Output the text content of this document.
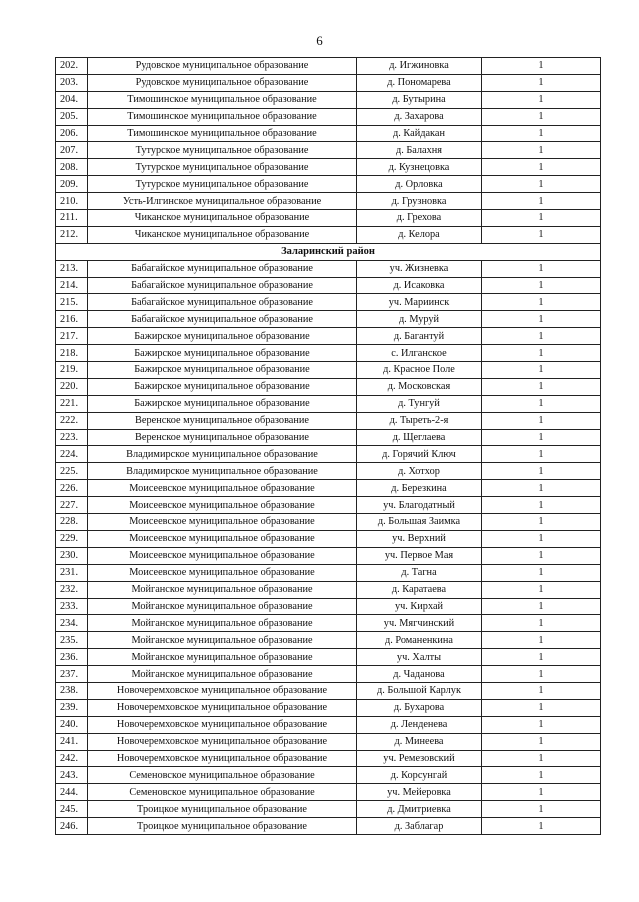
6
202.	Рудовское муниципальное образование	д. Игжиновка	1
203.	Рудовское муниципальное образование	д. Пономарева	1
204.	Тимошинское муниципальное образование	д. Бутырина	1
205.	Тимошинское муниципальное образование	д. Захарова	1
206.	Тимошинское муниципальное образование	д. Кайдакан	1
207.	Тутурское муниципальное образование	д. Балахня	1
208.	Тутурское муниципальное образование	д. Кузнецовка	1
209.	Тутурское муниципальное образование	д. Орловка	1
210.	Усть-Илгинское муниципальное образование	д. Грузновка	1
211.	Чиканское муниципальное образование	д. Грехова	1
212.	Чиканское муниципальное образование	д. Келора	1
Заларинский район			
213.	Бабагайское муниципальное образование	уч. Жизневка	1
214.	Бабагайское муниципальное образование	д. Исаковка	1
215.	Бабагайское муниципальное образование	уч. Мариинск	1
216.	Бабагайское муниципальное образование	д. Муруй	1
217.	Бажирское муниципальное образование	д. Багантуй	1
218.	Бажирское муниципальное образование	с. Илганское	1
219.	Бажирское муниципальное образование	д. Красное Поле	1
220.	Бажирское муниципальное образование	д. Московская	1
221.	Бажирское муниципальное образование	д. Тунгуй	1
222.	Веренское муниципальное образование	д. Тыреть-2-я	1
223.	Веренское муниципальное образование	д. Щеглаева	1
224.	Владимирское муниципальное образование	д. Горячий Ключ	1
225.	Владимирское муниципальное образование	д. Хотхор	1
226.	Моисеевское муниципальное образование	д. Березкина	1
227.	Моисеевское муниципальное образование	уч. Благодатный	1
228.	Моисеевское муниципальное образование	д. Большая Заимка	1
229.	Моисеевское муниципальное образование	уч. Верхний	1
230.	Моисеевское муниципальное образование	уч. Первое Мая	1
231.	Моисеевское муниципальное образование	д. Тагна	1
232.	Мойганское муниципальное образование	д. Каратаева	1
233.	Мойганское муниципальное образование	уч. Кирхай	1
234.	Мойганское муниципальное образование	уч. Мягчинский	1
235.	Мойганское муниципальное образование	д. Романенкина	1
236.	Мойганское муниципальное образование	уч. Халты	1
237.	Мойганское муниципальное образование	д. Чаданова	1
238.	Новочеремховское муниципальное образование	д. Большой Карлук	1
239.	Новочеремховское муниципальное образование	д. Бухарова	1
240.	Новочеремховское муниципальное образование	д. Ленденева	1
241.	Новочеремховское муниципальное образование	д. Минеева	1
242.	Новочеремховское муниципальное образование	уч. Ремезовский	1
243.	Семеновское муниципальное образование	д. Корсунгай	1
244.	Семеновское муниципальное образование	уч. Мейеровка	1
245.	Троицкое муниципальное образование	д. Дмитриевка	1
246.	Троицкое муниципальное образование	д. Заблагар	1
